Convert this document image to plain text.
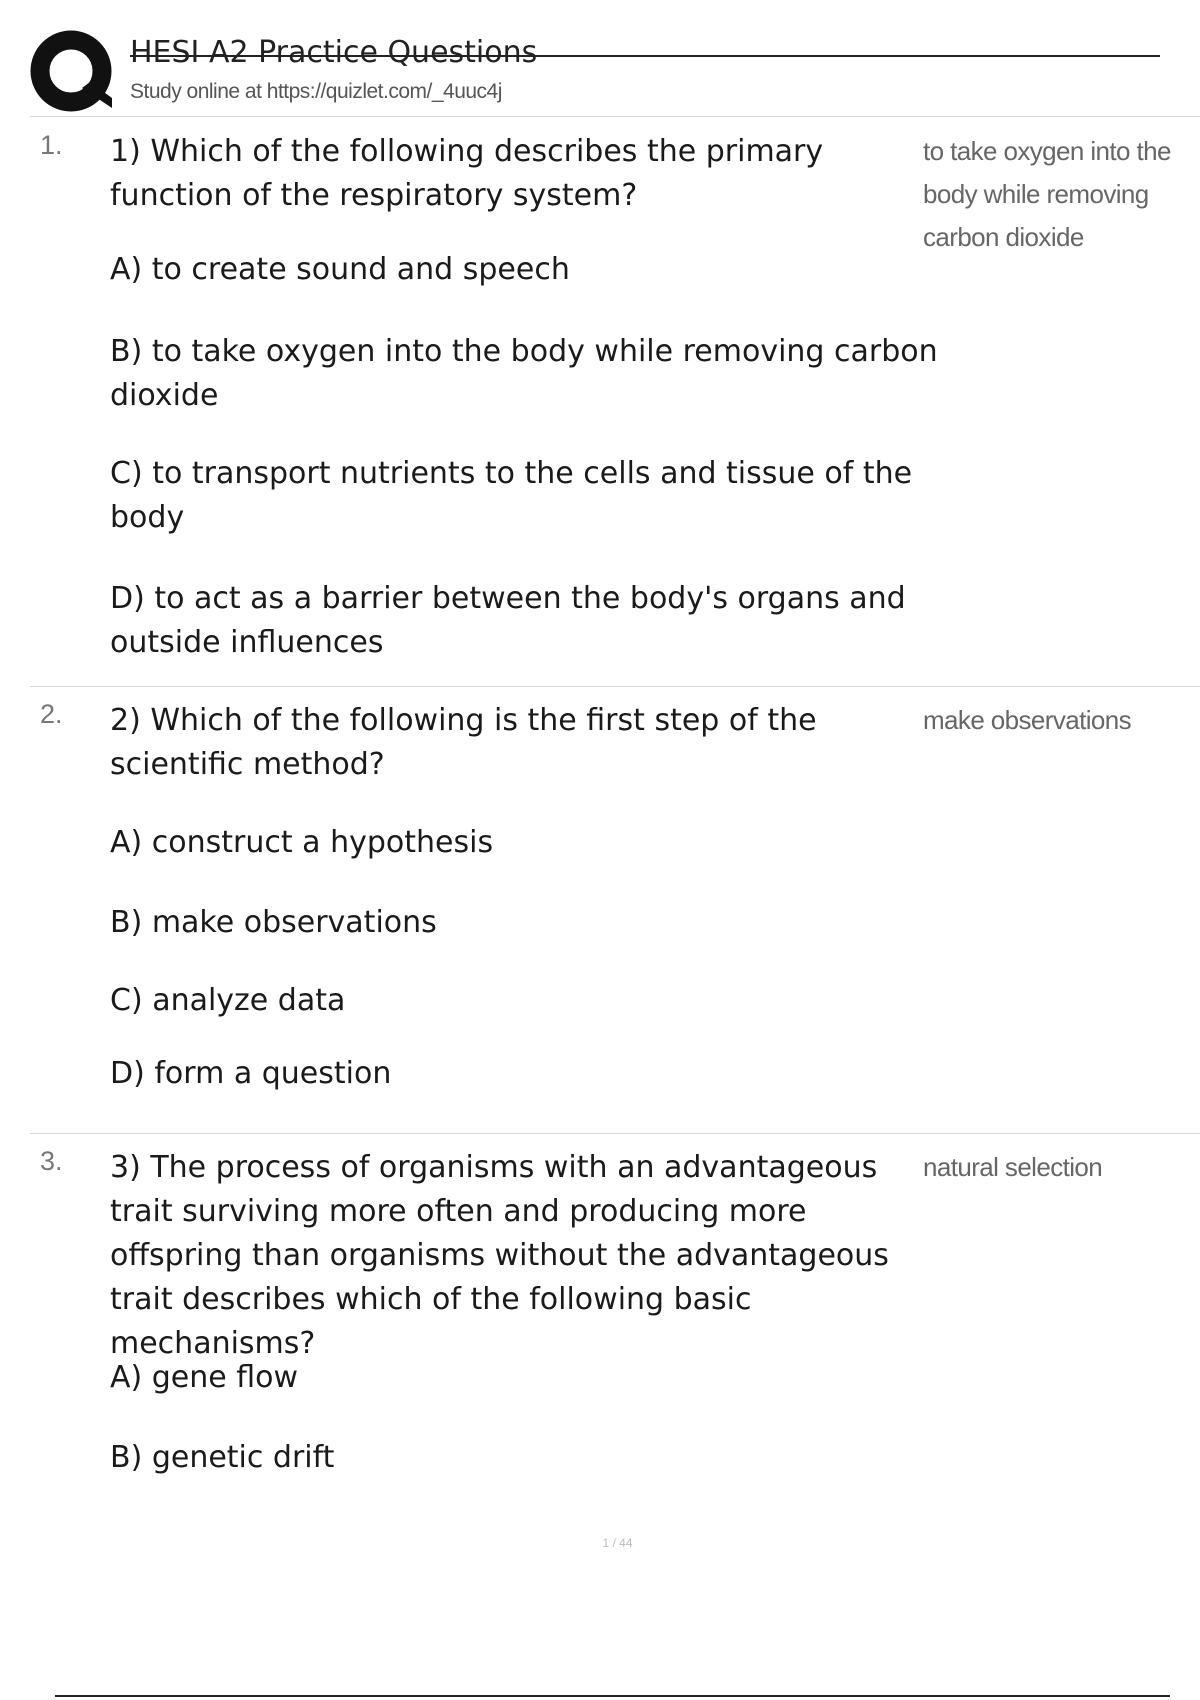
HESI A2 Practice Questions
Study online at https://quizlet.com/_4uuc4j
1. 1) Which of the following describes the primary function of the respiratory system?

A) to create sound and speech

B) to take oxygen into the body while removing carbon dioxide

C) to transport nutrients to the cells and tissue of the body

D) to act as a barrier between the body's organs and outside influences

to take oxygen into the body while removing carbon dioxide
2. 2) Which of the following is the first step of the scientific method?

A) construct a hypothesis

B) make observations

C) analyze data

D) form a question

make observations
3. 3) The process of organisms with an advantageous trait surviving more often and producing more offspring than organisms without the advantageous trait describes which of the following basic mechanisms?

A) gene flow

B) genetic drift

natural selection
1 / 44
